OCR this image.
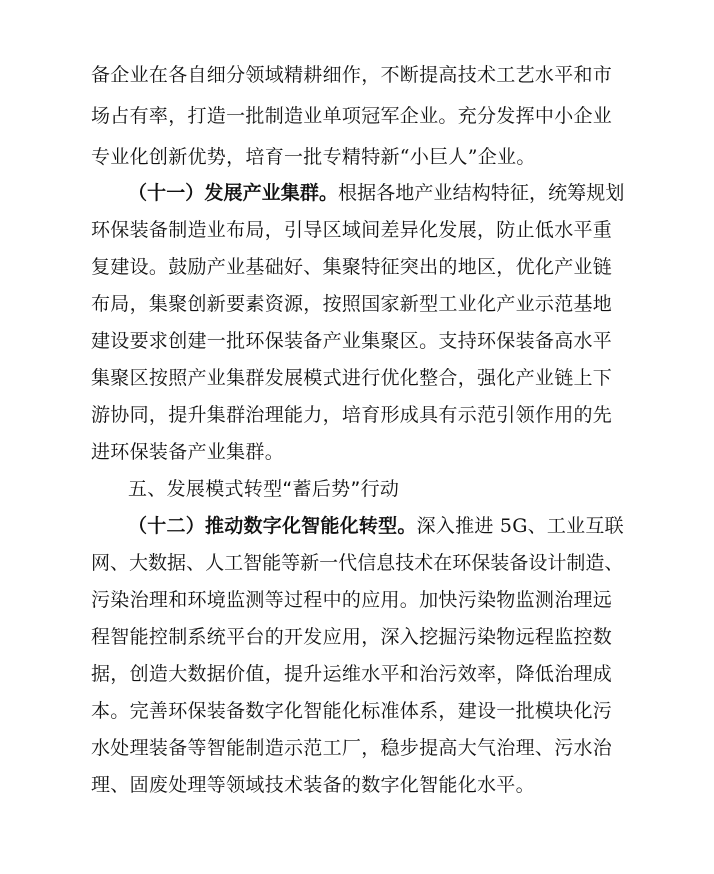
备企业在各自细分领域精耕细作，不断提高技术工艺水平和市
场占有率，打造一批制造业单项冠军企业。充分发挥中小企业
专业化创新优势，培育一批专精特新“小巨人”企业。
（十一）发展产业集群。根据各地产业结构特征，统筹规划
环保装备制造业布局，引导区域间差异化发展，防止低水平重
复建设。鼓励产业基础好、集聚特征突出的地区，优化产业链
布局，集聚创新要素资源，按照国家新型工业化产业示范基地
建设要求创建一批环保装备产业集聚区。支持环保装备高水平
集聚区按照产业集群发展模式进行优化整合，强化产业链上下
游协同，提升集群治理能力，培育形成具有示范引领作用的先
进环保装备产业集群。
五、发展模式转型“蓄后势”行动
（十二）推动数字化智能化转型。深入推进 5G、工业互联
网、大数据、人工智能等新一代信息技术在环保装备设计制造、
污染治理和环境监测等过程中的应用。加快污染物监测治理远
程智能控制系统平台的开发应用，深入挖掘污染物远程监控数
据，创造大数据价值，提升运维水平和治污效率，降低治理成
本。完善环保装备数字化智能化标准体系，建设一批模块化污
水处理装备等智能制造示范工厂，稳步提高大气治理、污水治
理、固废处理等领域技术装备的数字化智能化水平。
